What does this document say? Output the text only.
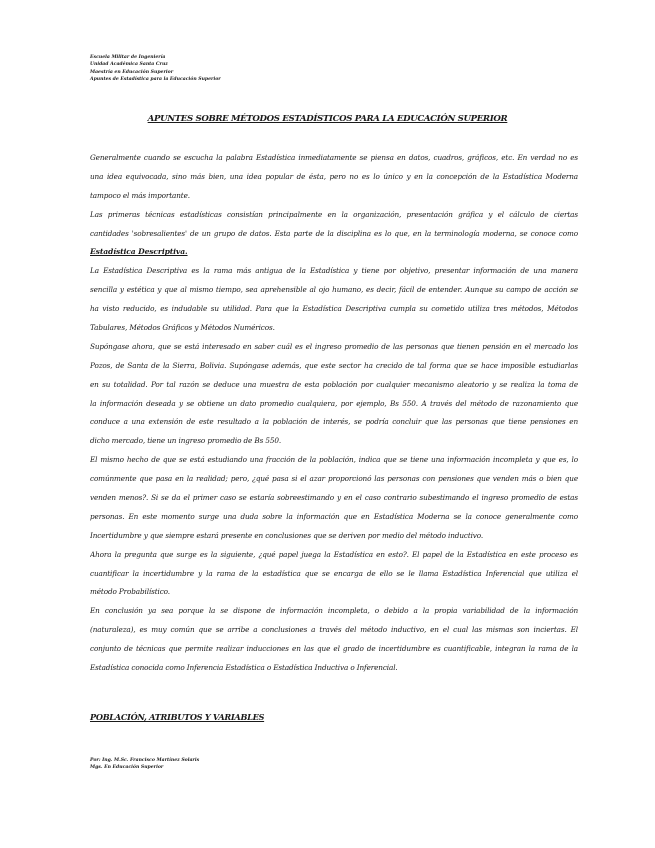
Escuela Militar de Ingeniería
Unidad Académica Santa Cruz
Maestría en Educación Superior
Apuntes de Estadística para la Educación Superior
APUNTES SOBRE MÉTODOS ESTADÍSTICOS PARA LA EDUCACIÓN SUPERIOR
Generalmente cuando se escucha la palabra Estadística inmediatamente se piensa en datos, cuadros, gráficos, etc. En verdad no es
una idea equivocada, sino más bien, una idea popular de ésta, pero no es lo único y en la concepción de la Estadística Moderna
tampoco el más importante.
Las primeras técnicas estadísticas consistían principalmente en la organización, presentación gráfica y el cálculo de ciertas
cantidades 'sobresalientes' de un grupo de datos. Esta parte de la disciplina es lo que, en la terminología moderna, se conoce como
Estadística Descriptiva.
La Estadística Descriptiva es la rama más antigua de la Estadística y tiene por objetivo, presentar información de una manera
sencilla y estética y que al mismo tiempo, sea aprehensible al ojo humano, es decir, fácil de entender. Aunque su campo de acción se
ha visto reducido, es indudable su utilidad. Para que la Estadística Descriptiva cumpla su cometido utiliza tres métodos, Métodos
Tabulares, Métodos Gráficos y Métodos Numéricos.
Supóngase ahora, que se está interesado en saber cuál es el ingreso promedio de las personas que tienen pensión en el mercado los
Pozos, de Santa de la Sierra, Bolivia. Supóngase además, que este sector ha crecido de tal forma que se hace imposible estudiarlas
en su totalidad. Por tal razón se deduce una muestra de esta población por cualquier mecanismo aleatorio y se realiza la toma de
la información deseada y se obtiene un dato promedio cualquiera, por ejemplo, Bs 550. A través del método de razonamiento que
conduce a una extensión de este resultado a la población de interés, se podría concluir que las personas que tiene pensiones en
dicho mercado, tiene un ingreso promedio de Bs 550.
El mismo hecho de que se está estudiando una fracción de la población, indica que se tiene una información incompleta y que es, lo
comúnmente que pasa en la realidad; pero, ¿qué pasa si el azar proporcionó las personas con pensiones que venden más o bien que
venden menos?. Si se da el primer caso se estaría sobreestimando y en el caso contrario subestimando el ingreso promedio de estas
personas. En este momento surge una duda sobre la información que en Estadística Moderna se la conoce generalmente como
Incertidumbre y que siempre estará presente en conclusiones que se deriven por medio del método inductivo.
Ahora la pregunta que surge es la siguiente, ¿qué papel juega la Estadística en esto?. El papel de la Estadística en este proceso es
cuantificar la incertidumbre y la rama de la estadística que se encarga de ello se le llama Estadística Inferencial que utiliza el
método Probabilístico.
En conclusión ya sea porque la se dispone de información incompleta, o debido a la propia variabilidad de la información
(naturaleza), es muy común que se arribe a conclusiones a través del método inductivo, en el cual las mismas son inciertas. El
conjunto de técnicas que permite realizar inducciones en las que el grado de incertidumbre es cuantificable, integran la rama de la
Estadística conocida como Inferencia Estadística o Estadística Inductiva o Inferencial.
POBLACIÓN, ATRIBUTOS Y VARIABLES
Por: Ing. M.Sc. Francisco Martínez Solaris
Mgs. En Educación Superior
